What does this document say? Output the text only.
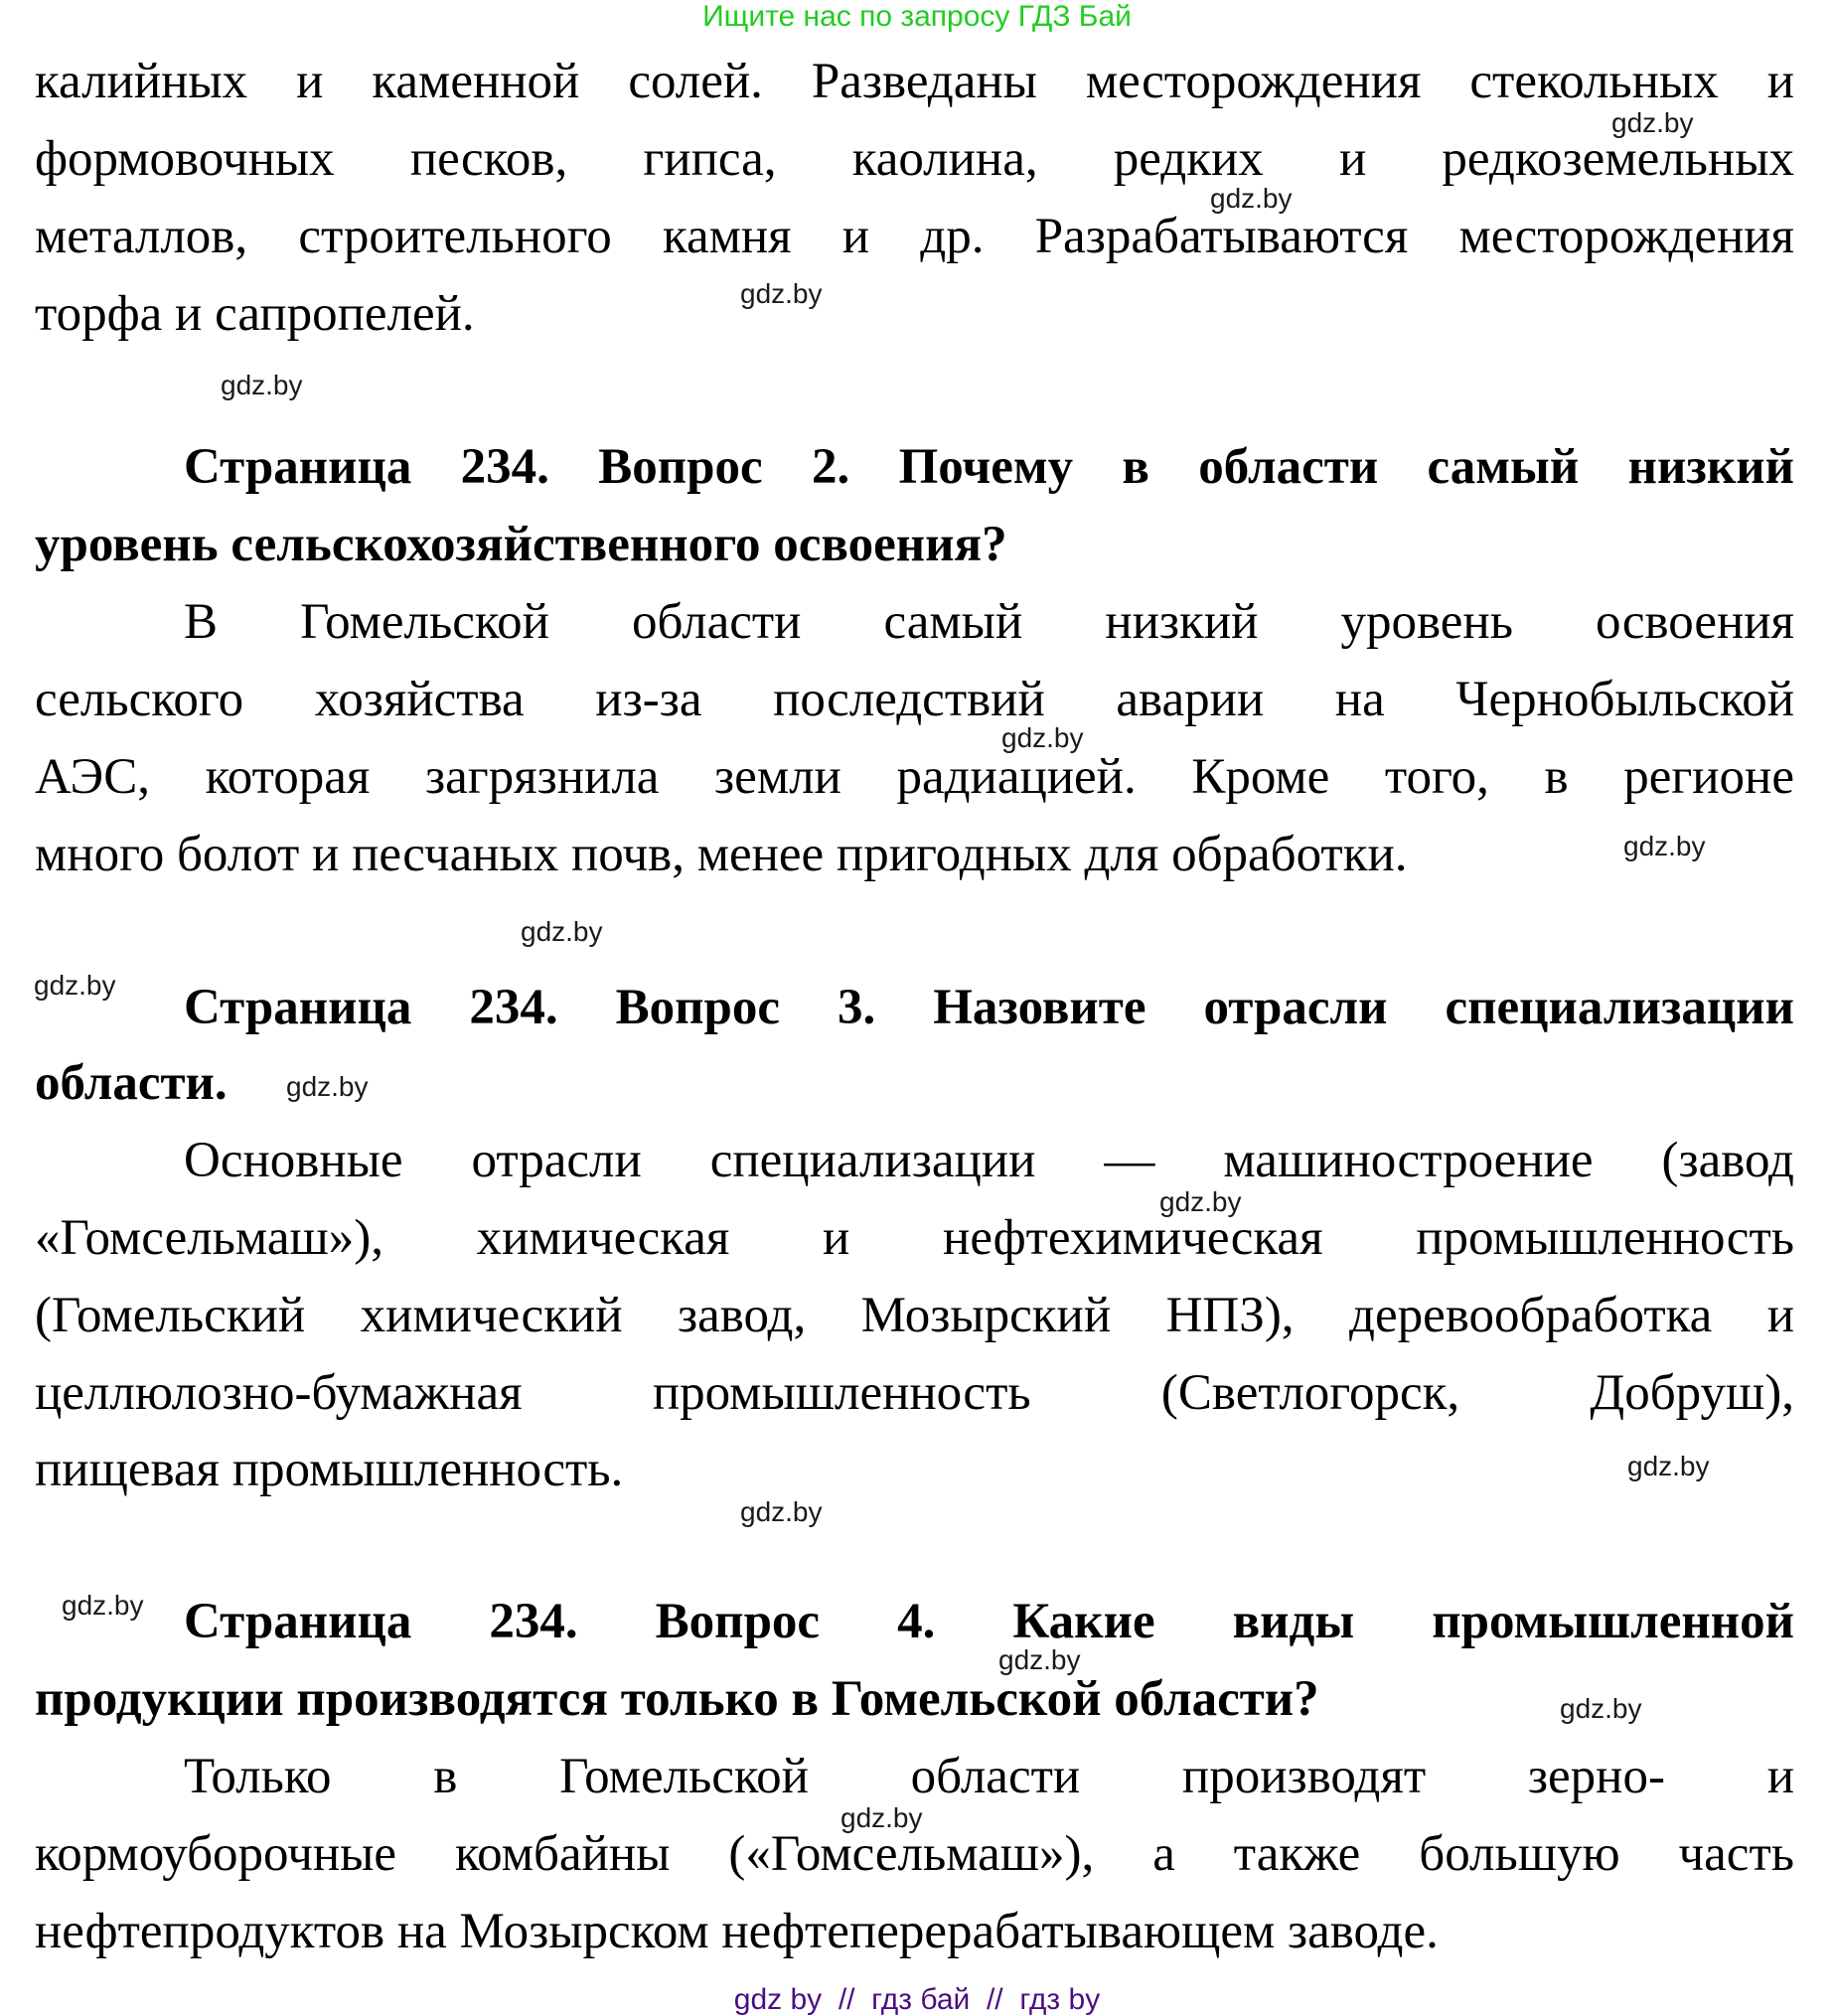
Ищите нас по запросу ГДЗ Бай
калийных и каменной солей. Разведаны месторождения стекольных и
формовочных песков, гипса, каолина, редких и редкоземельных
металлов, строительного камня и др. Разрабатываются месторождения
торфа и сапропелей.
Страница 234. Вопрос 2. Почему в области самый низкий
уровень сельскохозяйственного освоения?
В Гомельской области самый низкий уровень освоения
сельского хозяйства из-за последствий аварии на Чернобыльской
АЭС, которая загрязнила земли радиацией. Кроме того, в регионе
много болот и песчаных почв, менее пригодных для обработки.
Страница 234. Вопрос 3. Назовите отрасли специализации
области.
Основные отрасли специализации — машиностроение (завод
«Гомсельмаш»), химическая и нефтехимическая промышленность
(Гомельский химический завод, Мозырский НПЗ), деревообработка и
целлюлозно-бумажная промышленность (Светлогорск, Добруш),
пищевая промышленность.
Страница 234. Вопрос 4. Какие виды промышленной
продукции производятся только в Гомельской области?
Только в Гомельской области производят зерно- и
кормоуборочные комбайны («Гомсельмаш»), а также большую часть
нефтепродуктов на Мозырском нефтеперерабатывающем заводе.
gdz.by
gdz.by
gdz.by
gdz.by
gdz.by
gdz.by
gdz.by
gdz.by
gdz.by
gdz.by
gdz.by
gdz.by
gdz.by
gdz.by
gdz.by
gdz.by
gdz by  //  гдз бай  //  гдз by
